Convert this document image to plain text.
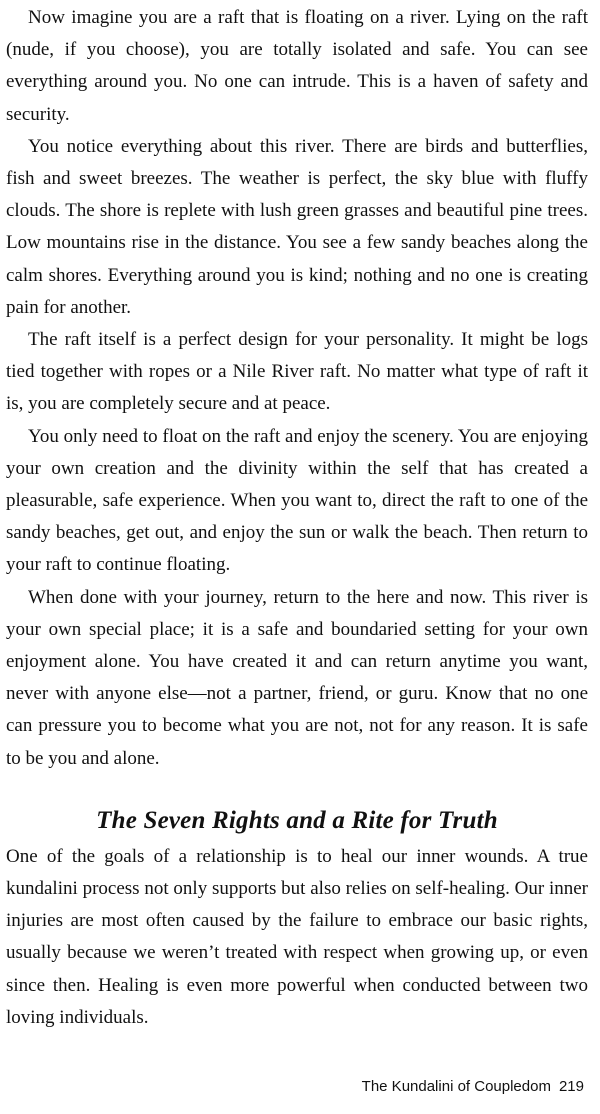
Now imagine you are a raft that is floating on a river. Lying on the raft (nude, if you choose), you are totally isolated and safe. You can see everything around you. No one can intrude. This is a haven of safety and security.

You notice everything about this river. There are birds and butterflies, fish and sweet breezes. The weather is perfect, the sky blue with fluffy clouds. The shore is replete with lush green grasses and beautiful pine trees. Low mountains rise in the distance. You see a few sandy beaches along the calm shores. Everything around you is kind; nothing and no one is creating pain for another.

The raft itself is a perfect design for your personality. It might be logs tied together with ropes or a Nile River raft. No matter what type of raft it is, you are completely secure and at peace.

You only need to float on the raft and enjoy the scenery. You are enjoying your own creation and the divinity within the self that has created a pleasurable, safe experience. When you want to, direct the raft to one of the sandy beaches, get out, and enjoy the sun or walk the beach. Then return to your raft to continue floating.

When done with your journey, return to the here and now. This river is your own special place; it is a safe and boundaried setting for your own enjoyment alone. You have created it and can return anytime you want, never with anyone else—not a partner, friend, or guru. Know that no one can pressure you to become what you are not, not for any reason. It is safe to be you and alone.

The Seven Rights and a Rite for Truth

One of the goals of a relationship is to heal our inner wounds. A true kundalini process not only supports but also relies on self-healing. Our inner injuries are most often caused by the failure to embrace our basic rights, usually because we weren’t treated with respect when growing up, or even since then. Healing is even more powerful when conducted between two loving individuals.

The Kundalini of Coupledom 219
